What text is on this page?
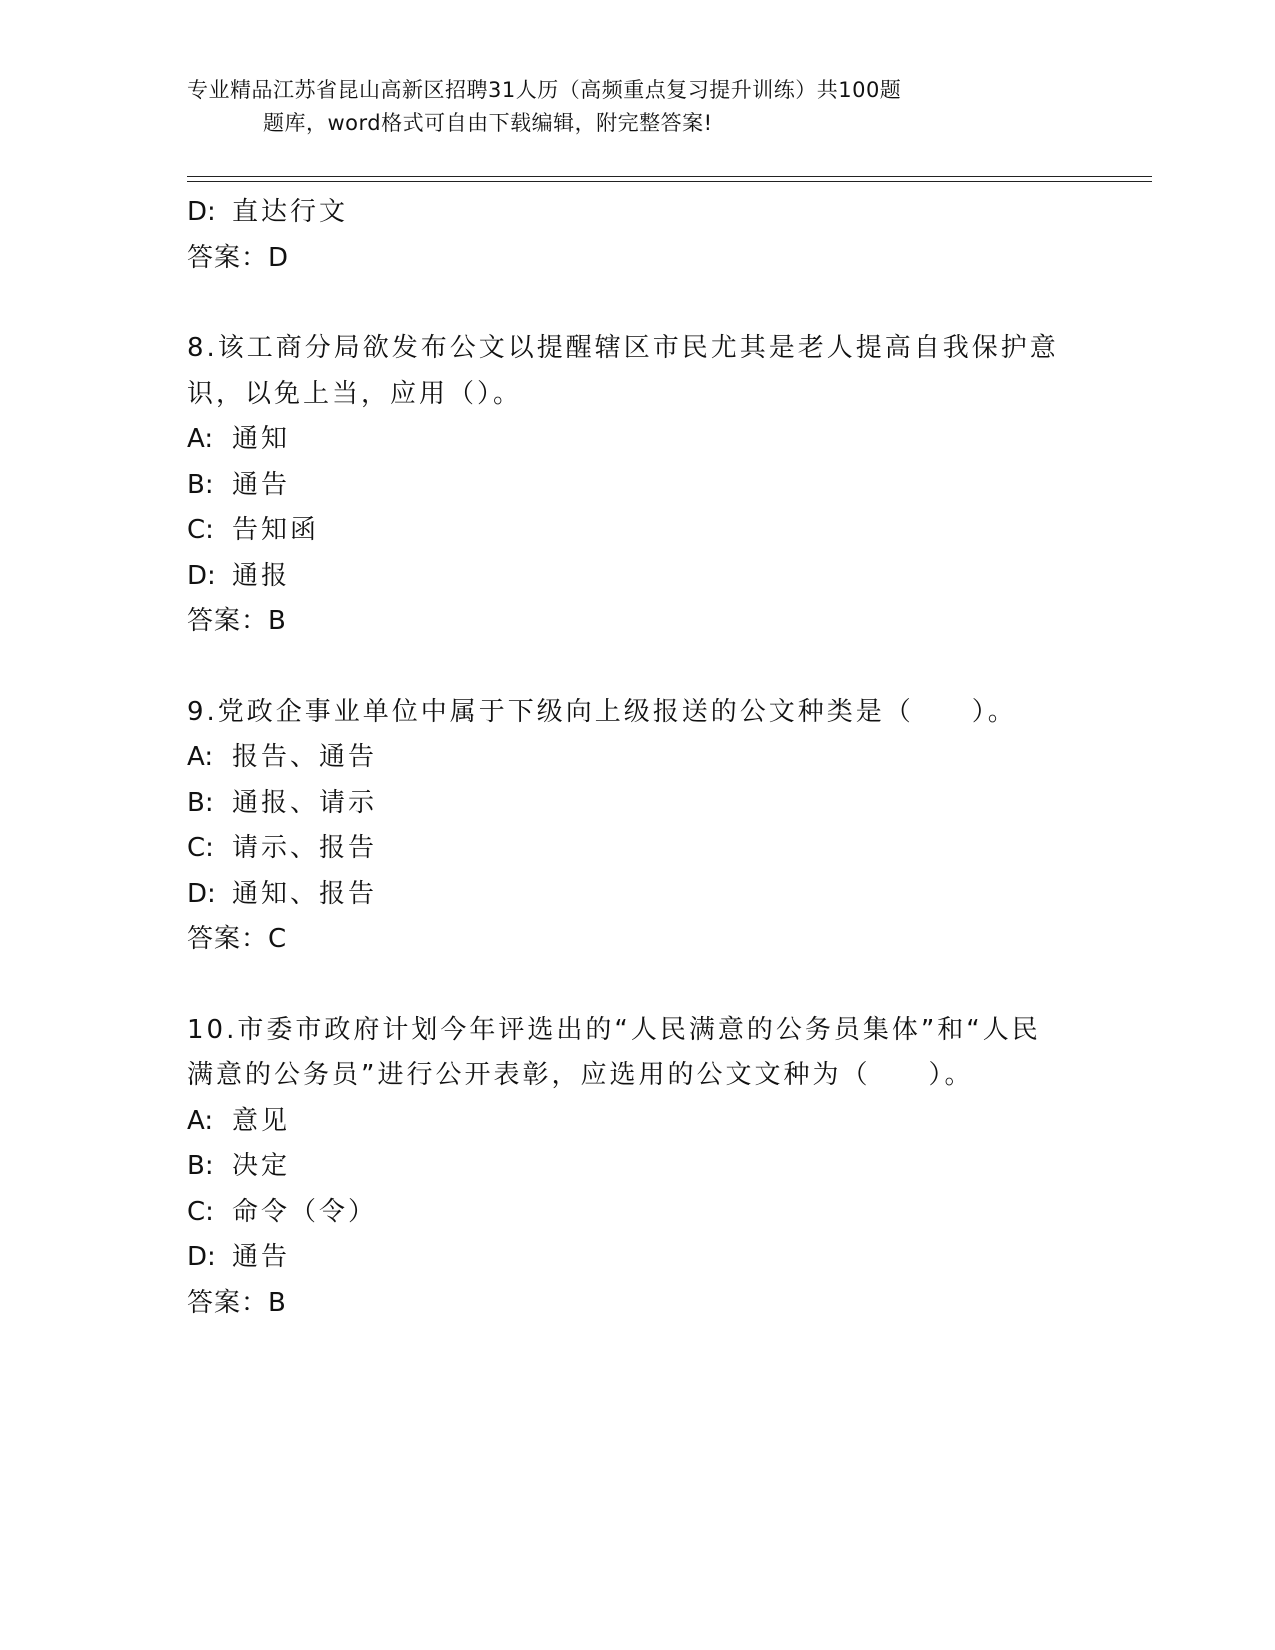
专业精品江苏省昆山高新区招聘31人历（高频重点复习提升训练）共100题
题库，word格式可自由下载编辑，附完整答案!
D: 直达行文
答案：D
8.该工商分局欲发布公文以提醒辖区市民尤其是老人提高自我保护意
识，以免上当，应用（）。
A: 通知
B: 通告
C: 告知函
D: 通报
答案：B
9.党政企事业单位中属于下级向上级报送的公文种类是（　　）。
A: 报告、通告
B: 通报、请示
C: 请示、报告
D: 通知、报告
答案：C
10.市委市政府计划今年评选出的“人民满意的公务员集体”和“人民
满意的公务员”进行公开表彰，应选用的公文文种为（　　）。
A: 意见
B: 决定
C: 命令（令）
D: 通告
答案：B
